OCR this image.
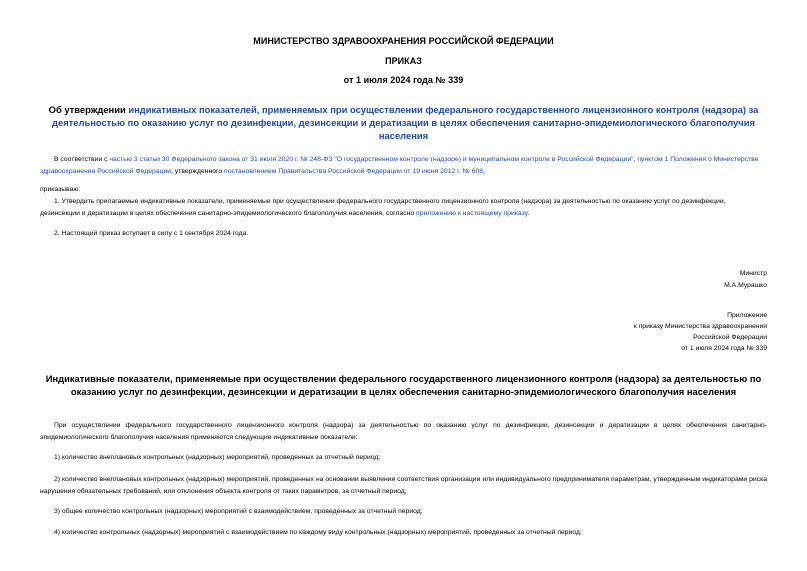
МИНИСТЕРСТВО ЗДРАВООХРАНЕНИЯ РОССИЙСКОЙ ФЕДЕРАЦИИ
ПРИКАЗ
от 1 июля 2024 года № 339
Об утверждении индикативных показателей, применяемых при осуществлении федерального государственного лицензионного контроля (надзора) за деятельностью по оказанию услуг по дезинфекции, дезинсекции и дератизации в целях обеспечения санитарно-эпидемиологического благополучия населения
В соответствии с частью 3 статьи 30 Федерального закона от 31 июля 2020 г. № 248-ФЗ "О государственном контроле (надзоре) и муниципальном контроле в Российской Федерации", пунктом 1 Положения о Министерстве здравоохранения Российской Федерации, утвержденного постановлением Правительства Российской Федерации от 19 июня 2012 г. № 608,
приказываю:
1. Утвердить прилагаемые индикативные показатели, применяемые при осуществлении федерального государственного лицензионного контроля (надзора) за деятельностью по оказанию услуг по дезинфекции, дезинсекции и дератизации в целях обеспечения санитарно-эпидемиологического благополучия населения, согласно приложению к настоящему приказу.
2. Настоящий приказ вступает в силу с 1 сентября 2024 года.
Министр
М.А.Мурашко
Приложение
к приказу Министерства здравоохранения
Российской Федерации
от 1 июля 2024 года № 339
Индикативные показатели, применяемые при осуществлении федерального государственного лицензионного контроля (надзора) за деятельностью по оказанию услуг по дезинфекции, дезинсекции и дератизации в целях обеспечения санитарно-эпидемиологического благополучия населения
При осуществлении федерального государственного лицензионного контроля (надзора) за деятельностью по оказанию услуг по дезинфекции, дезинсекции и дератизации в целях обеспечения санитарно-эпидемиологического благополучия населения применяются следующие индикативные показатели:
1) количество внеплановых контрольных (надзорных) мероприятий, проведенных за отчетный период;
2) количество внеплановых контрольных (надзорных) мероприятий, проведенных на основании выявления соответствия организации или индивидуального предпринимателя параметрам, утвержденным индикаторами риска нарушения обязательных требований, или отклонения объекта контроля от таких параметров, за отчетный период;
3) общее количество контрольных (надзорных) мероприятий с взаимодействием, проведенных за отчетный период;
4) количество контрольных (надзорных) мероприятий с взаимодействием по каждому виду контрольных (надзорных) мероприятий, проведенных за отчетный период;
